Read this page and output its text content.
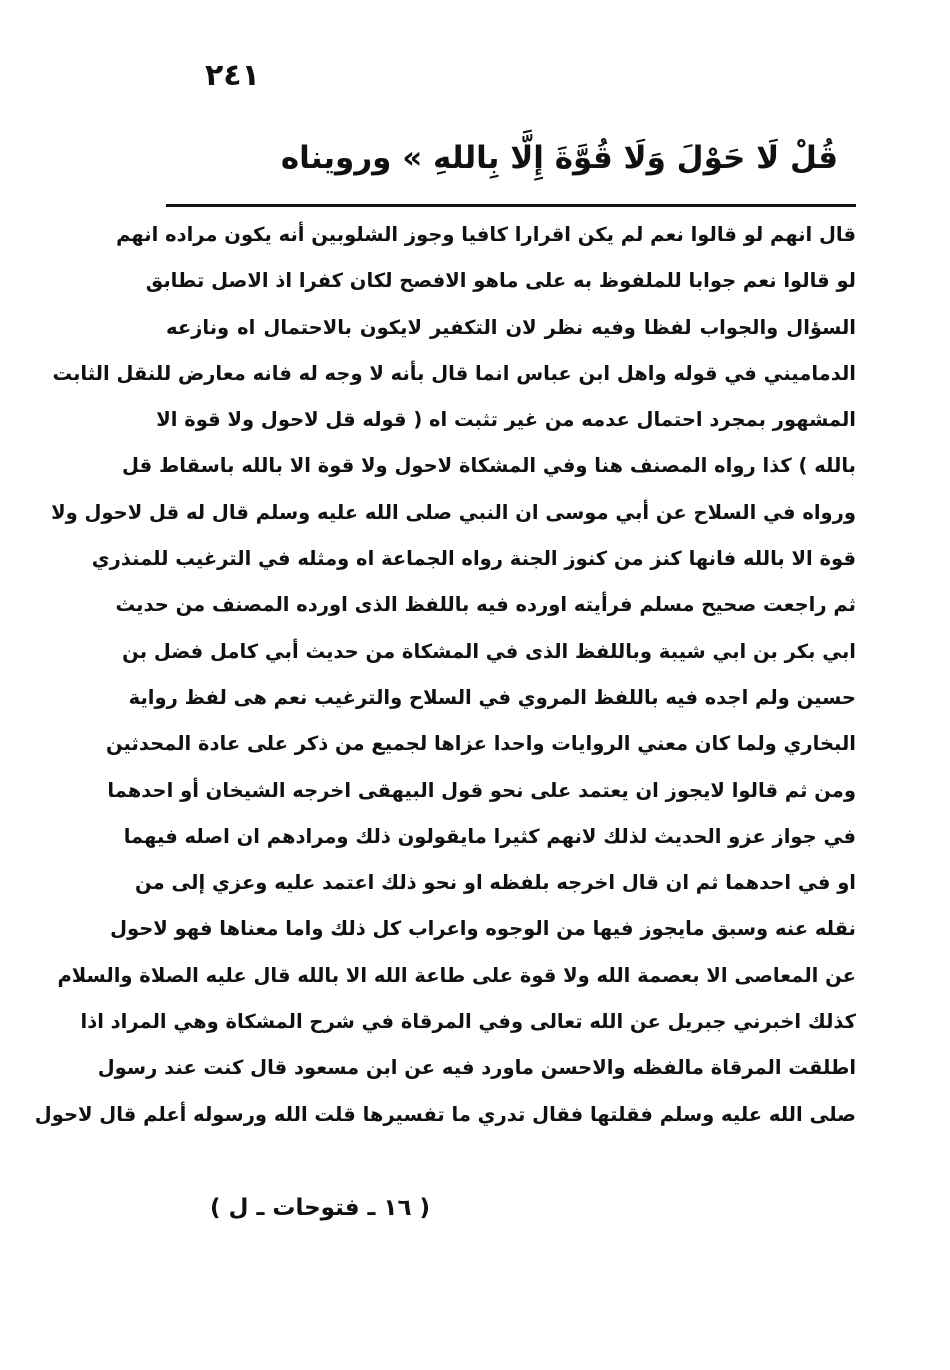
٢٤١
قُلْ لَا حَوْلَ وَلَا قُوَّةَ إِلَّا بِاللهِ » ورويناه
قال انهم لو قالوا نعم لم يكن اقرارا كافيا وجوز الشلوبين أنه يكون مراده انهم
لو قالوا نعم جوابا للملفوظ به على ماهو الافصح لكان كفرا اذ الاصل تطابق
السؤال والجواب لفظا وفيه نظر لان التكفير لايكون بالاحتمال اه ونازعه
الدماميني في قوله واهل ابن عباس انما قال بأنه لا وجه له فانه معارض للنقل الثابت
المشهور بمجرد احتمال عدمه من غير تثبت اه ( قوله قل لاحول ولا قوة الا
بالله ) كذا رواه المصنف هنا وفي المشكاة لاحول ولا قوة الا بالله باسقاط قل
ورواه في السلاح عن أبي موسى ان النبي صلى الله عليه وسلم قال له قل لاحول ولا
قوة الا بالله فانها كنز من كنوز الجنة رواه الجماعة اه ومثله في الترغيب للمنذري
ثم راجعت صحيح مسلم فرأيته اورده فيه باللفظ الذى اورده المصنف من حديث
ابي بكر بن ابي شيبة وباللفظ الذى في المشكاة من حديث أبي كامل فضل بن
حسين ولم اجده فيه باللفظ المروي في السلاح والترغيب نعم هى لفظ رواية
البخاري ولما كان معني الروايات واحدا عزاها لجميع من ذكر على عادة المحدثين
ومن ثم قالوا لايجوز ان يعتمد على نحو قول البيهقى اخرجه الشيخان أو احدهما
في جواز عزو الحديث لذلك لانهم كثيرا مايقولون ذلك ومرادهم ان اصله فيهما
او في احدهما ثم ان قال اخرجه بلفظه او نحو ذلك اعتمد عليه وعزي إلى من
نقله عنه وسبق مايجوز فيها من الوجوه واعراب كل ذلك واما معناها فهو لاحول
عن المعاصى الا بعصمة الله ولا قوة على طاعة الله الا بالله قال عليه الصلاة والسلام
كذلك اخبرني جبريل عن الله تعالى وفي المرقاة في شرح المشكاة وهي المراد اذا
اطلقت المرقاة مالفظه والاحسن ماورد فيه عن ابن مسعود قال كنت عند رسول
صلى الله عليه وسلم فقلتها فقال تدري ما تفسيرها قلت الله ورسوله أعلم قال لاحول
( ١٦ ـ فتوحات ـ ل )
